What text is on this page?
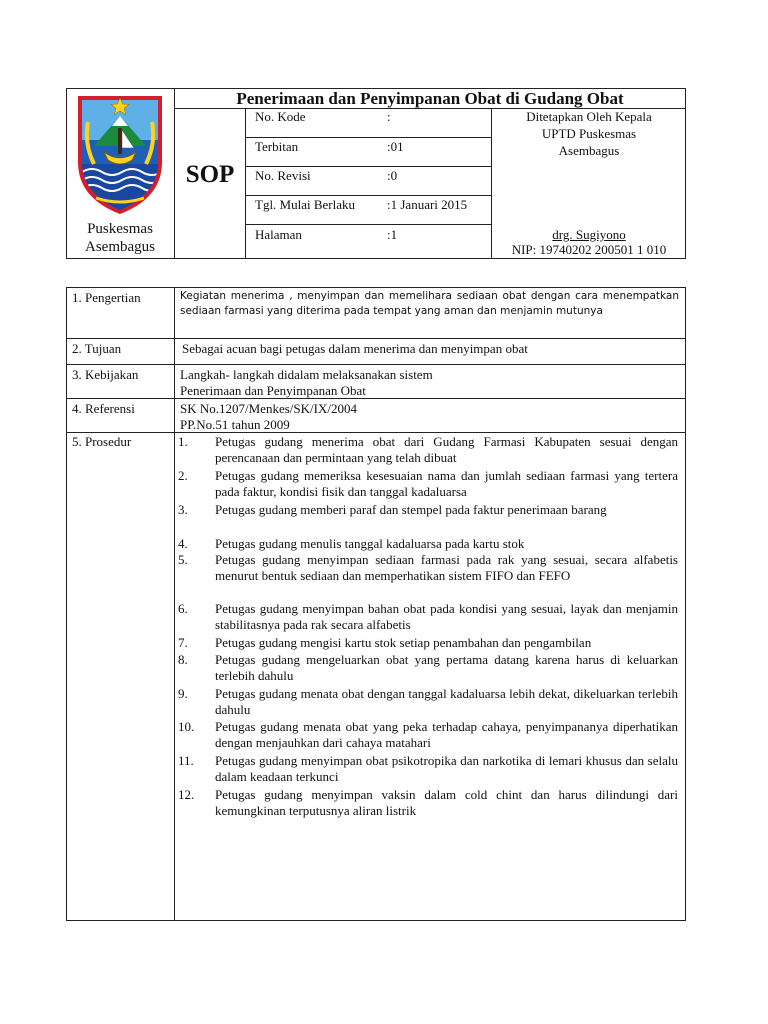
Puskesmas
Asembagus
Penerimaan dan Penyimpanan Obat di Gudang Obat
SOP
No. Kode	:
Terbitan	:01
No. Revisi	:0
Tgl. Mulai Berlaku :1 Januari 2015
Halaman	:1
Ditetapkan Oleh Kepala
UPTD Puskesmas
Asembagus
drg. Sugiyono
NIP: 19740202 200501 1 010
1. Pengertian	Kegiatan menerima , menyimpan dan memelihara sediaan obat dengan cara menempatkan sediaan farmasi yang diterima pada tempat yang aman dan menjamin mutunya
2. Tujuan	Sebagai acuan bagi petugas dalam menerima dan menyimpan obat
3. Kebijakan	Langkah- langkah didalam melaksanakan sistem
Penerimaan dan Penyimpanan Obat
4. Referensi	SK No.1207/Menkes/SK/IX/2004
PP.No.51 tahun 2009
5. Prosedur	1.	Petugas gudang menerima obat dari Gudang Farmasi Kabupaten sesuai dengan perencanaan dan permintaan yang telah dibuat
2.	Petugas gudang memeriksa kesesuaian nama dan jumlah sediaan farmasi yang tertera pada faktur, kondisi fisik dan tanggal kadaluarsa
3.	Petugas gudang memberi paraf dan stempel pada faktur penerimaan barang
4.	Petugas gudang menulis tanggal kadaluarsa pada kartu stok
5.	Petugas gudang menyimpan sediaan farmasi pada rak yang sesuai, secara alfabetis menurut bentuk sediaan dan memperhatikan sistem FIFO dan FEFO
6.	Petugas gudang menyimpan bahan obat pada kondisi yang sesuai, layak dan menjamin stabilitasnya pada rak secara alfabetis
7.	Petugas gudang mengisi kartu stok setiap penambahan dan pengambilan
8.	Petugas gudang mengeluarkan obat yang pertama datang karena harus di keluarkan terlebih dahulu
9.	Petugas gudang menata obat dengan tanggal kadaluarsa lebih dekat, dikeluarkan terlebih dahulu
10.	Petugas gudang menata obat yang peka terhadap cahaya, penyimpananya diperhatikan dengan menjauhkan dari cahaya matahari
11.	Petugas gudang menyimpan obat psikotropika dan narkotika di lemari khusus dan selalu dalam keadaan terkunci
12.	Petugas gudang menyimpan vaksin dalam cold chint dan harus dilindungi dari kemungkinan terputusnya aliran listrik
